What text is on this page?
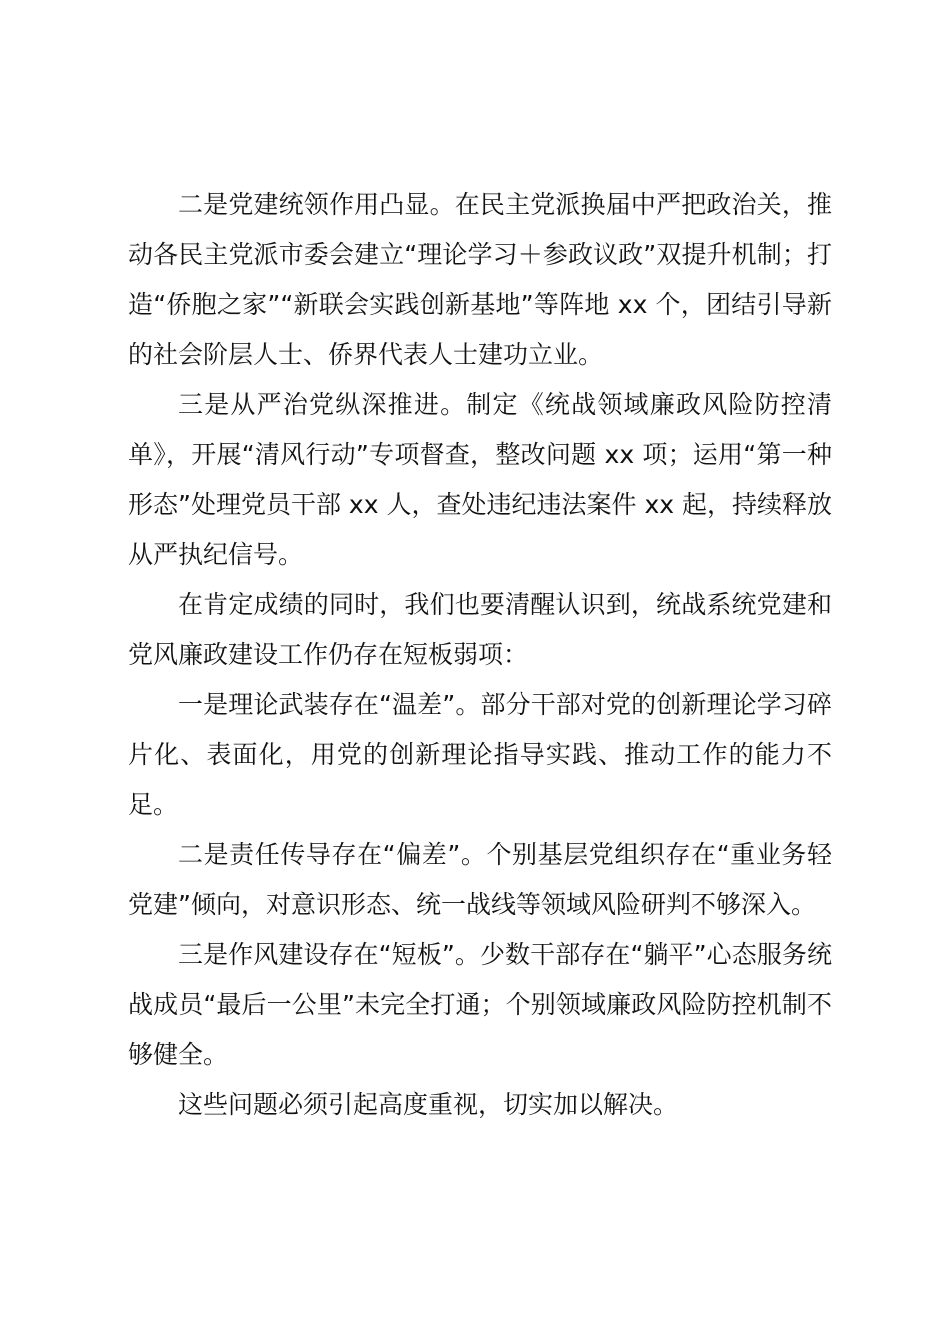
二是党建统领作用凸显。在民主党派换届中严把政治关，推动各民主党派市委会建立“理论学习＋参政议政”双提升机制；打造“侨胞之家”“新联会实践创新基地”等阵地 xx 个，团结引导新的社会阶层人士、侨界代表人士建功立业。

三是从严治党纵深推进。制定《统战领域廉政风险防控清单》，开展“清风行动”专项督查，整改问题 xx 项；运用“第一种形态”处理党员干部 xx 人，查处违纪违法案件 xx 起，持续释放从严执纪信号。

在肯定成绩的同时，我们也要清醒认识到，统战系统党建和党风廉政建设工作仍存在短板弱项：

一是理论武装存在“温差”。部分干部对党的创新理论学习碎片化、表面化，用党的创新理论指导实践、推动工作的能力不足。

二是责任传导存在“偏差”。个别基层党组织存在“重业务轻党建”倾向，对意识形态、统一战线等领域风险研判不够深入。

三是作风建设存在“短板”。少数干部存在“躺平”心态服务统战成员“最后一公里”未完全打通；个别领域廉政风险防控机制不够健全。

这些问题必须引起高度重视，切实加以解决。
